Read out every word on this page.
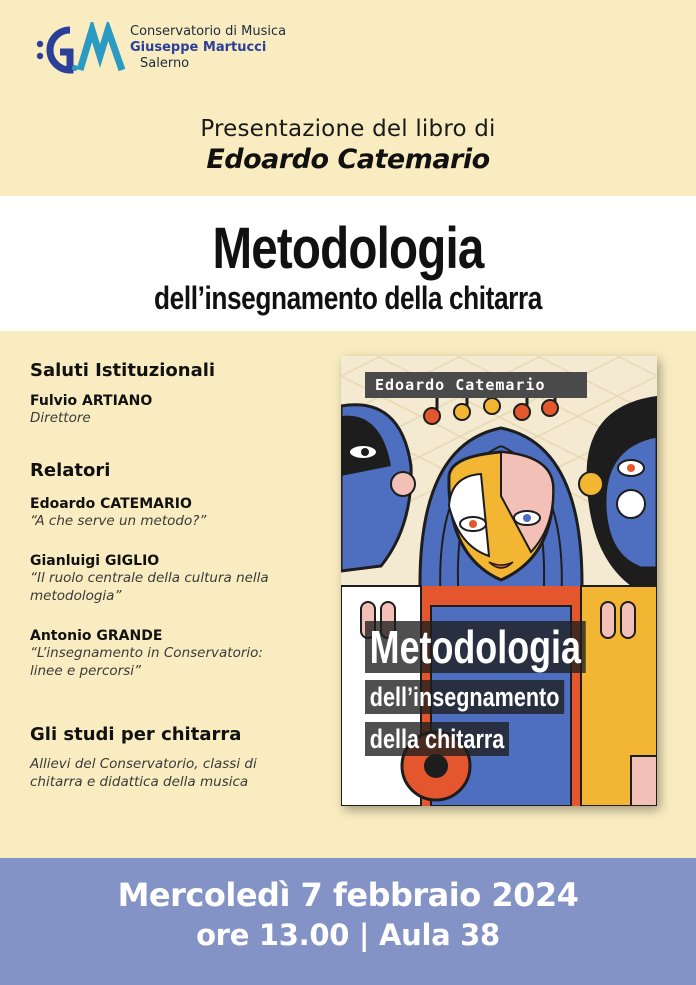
Conservatorio di Musica
Giuseppe Martucci
Salerno
Presentazione del libro di
Edoardo Catemario
Metodologia
dell’insegnamento della chitarra
Saluti Istituzionali
Fulvio ARTIANO
Direttore
Relatori
Edoardo CATEMARIO
“A che serve un metodo?”
Gianluigi GIGLIO
“Il ruolo centrale della cultura nella metodologia”
Antonio GRANDE
“L’insegnamento in Conservatorio: linee e percorsi”
Gli studi per chitarra
Allievi del Conservatorio, classi di chitarra e didattica della musica
Edoardo Catemario
Metodologia
dell’insegnamento
della chitarra
Mercoledì 7 febbraio 2024
ore 13.00 | Aula 38
